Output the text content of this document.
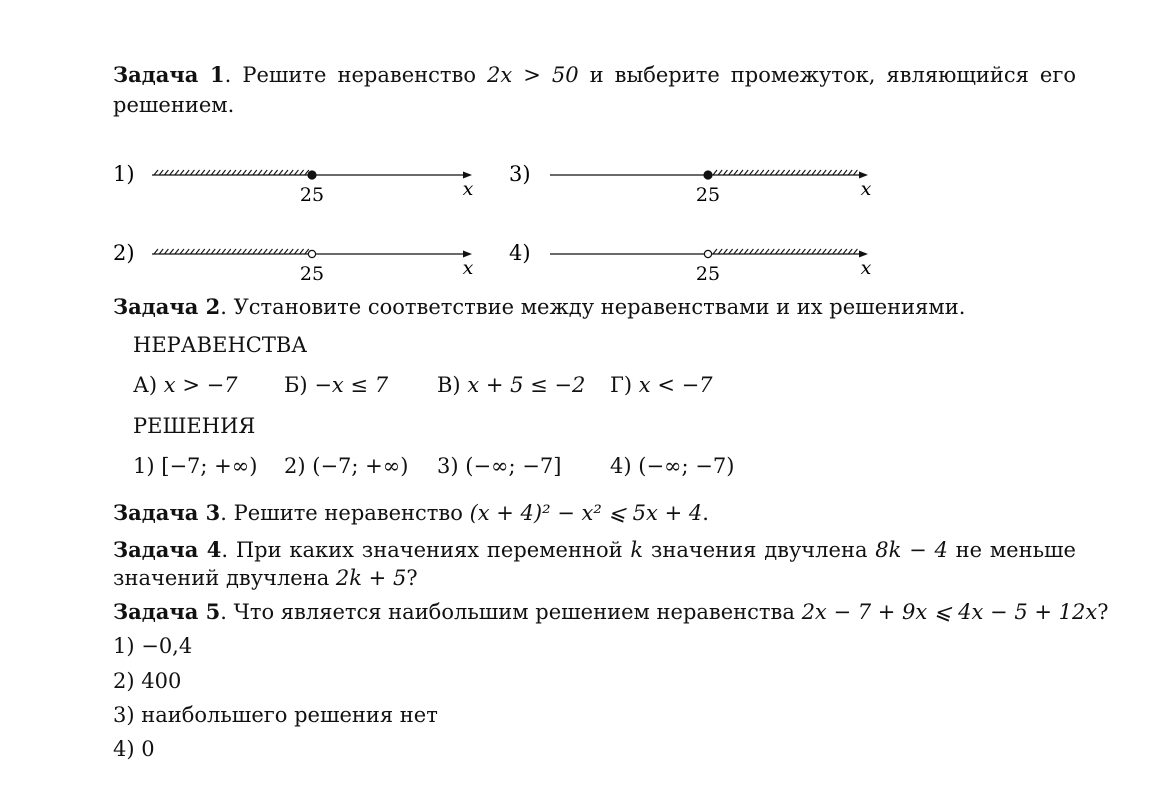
Задача 1. Решите неравенство 2x > 50 и выберите промежуток, являющийся его
решением.
1)
25	x
2)
25	x
3)
25	x
4)
25	x
Задача 2. Установите соответствие между неравенствами и их решениями.
НЕРАВЕНСТВА
А) x > −7 Б) −x ≤ 7 В) x + 5 ≤ −2 Г) x < −7
РЕШЕНИЯ
1) [−7; +∞) 2) (−7; +∞) 3) (−∞; −7] 4) (−∞; −7)
Задача 3. Решите неравенство (x + 4)² − x² ⩽ 5x + 4.
Задача 4. При каких значениях переменной k значения двучлена 8k − 4 не меньше
значений двучлена 2k + 5?
Задача 5. Что является наибольшим решением неравенства 2x − 7 + 9x ⩽ 4x − 5 + 12x?
1) −0,4
2) 400
3) наибольшего решения нет
4) 0
